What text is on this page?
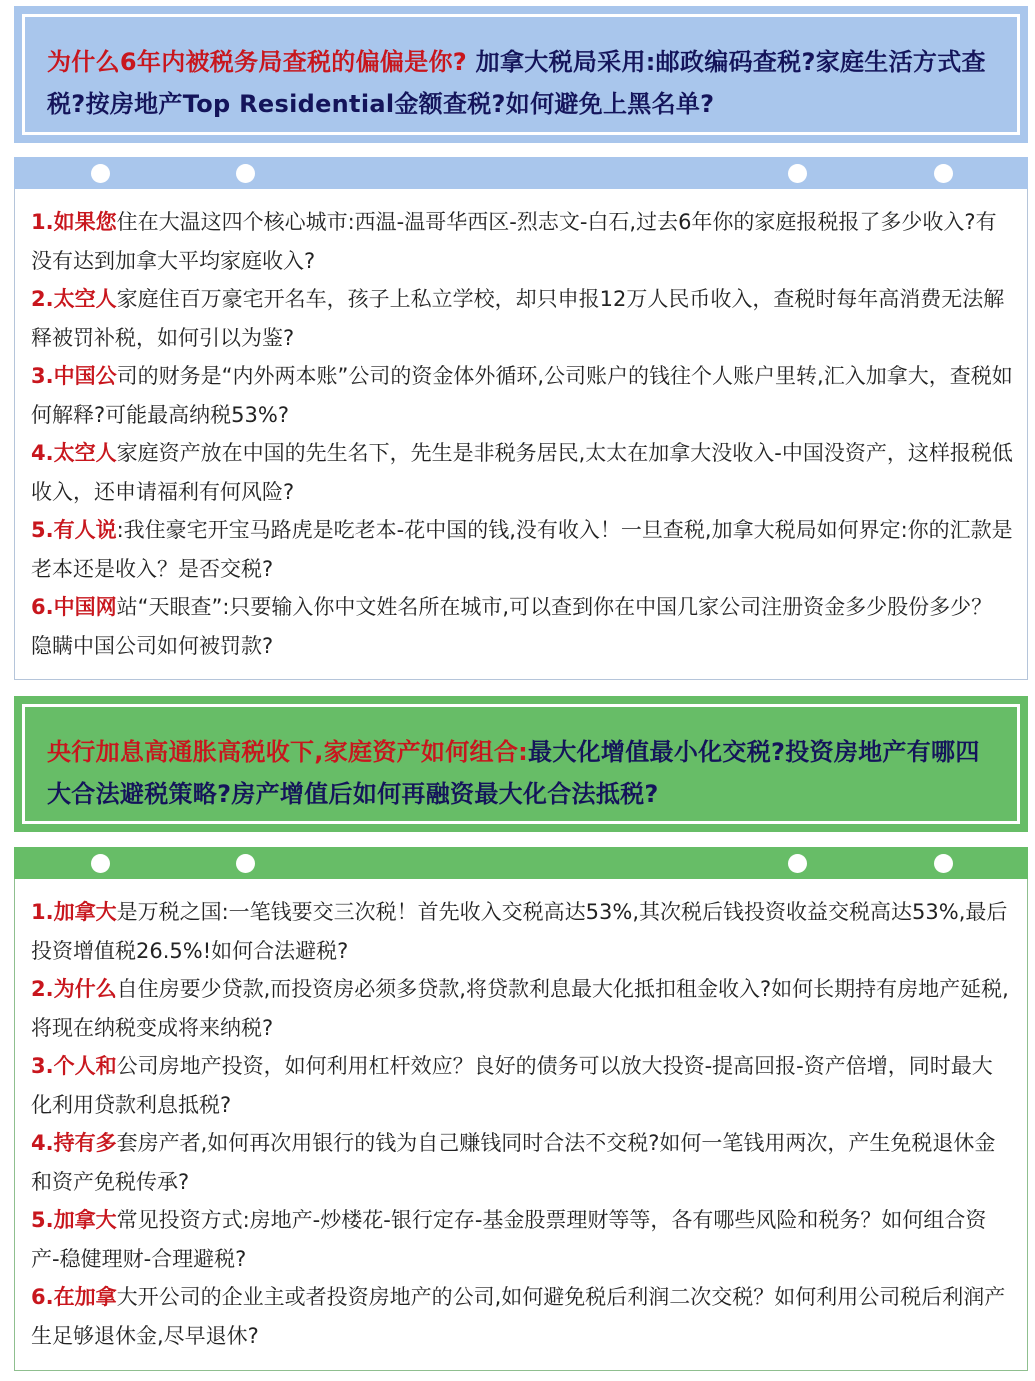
为什么6年内被税务局查税的偏偏是你? 加拿大税局采用:邮政编码查税?家庭生活方式查税?按房地产Top Residential金额查税?如何避免上黑名单?

1.如果您住在大温这四个核心城市:西温-温哥华西区-烈志文-白石,过去6年你的家庭报税报了多少收入?有没有达到加拿大平均家庭收入?

2.太空人家庭住百万豪宅开名车，孩子上私立学校，却只申报12万人民币收入，查税时每年高消费无法解释被罚补税，如何引以为鉴?

3.中国公司的财务是“内外两本账”公司的资金体外循环,公司账户的钱往个人账户里转,汇入加拿大，查税如何解释?可能最高纳税53%?

4.太空人家庭资产放在中国的先生名下，先生是非税务居民,太太在加拿大没收入-中国没资产，这样报税低收入，还申请福利有何风险?

5.有人说:我住豪宅开宝马路虎是吃老本-花中国的钱,没有收入！一旦查税,加拿大税局如何界定:你的汇款是老本还是收入？是否交税?

6.中国网站“天眼查”:只要输入你中文姓名所在城市,可以查到你在中国几家公司注册资金多少股份多少？隐瞒中国公司如何被罚款?

央行加息高通胀高税收下,家庭资产如何组合:最大化增值最小化交税?投资房地产有哪四大合法避税策略?房产增值后如何再融资最大化合法抵税?

1.加拿大是万税之国:一笔钱要交三次税！首先收入交税高达53%,其次税后钱投资收益交税高达53%,最后投资增值税26.5%!如何合法避税?

2.为什么自住房要少贷款,而投资房必须多贷款,将贷款利息最大化抵扣租金收入?如何长期持有房地产延税,将现在纳税变成将来纳税?

3.个人和公司房地产投资，如何利用杠杆效应？良好的债务可以放大投资-提高回报-资产倍增，同时最大化利用贷款利息抵税?

4.持有多套房产者,如何再次用银行的钱为自己赚钱同时合法不交税?如何一笔钱用两次，产生免税退休金和资产免税传承?

5.加拿大常见投资方式:房地产-炒楼花-银行定存-基金股票理财等等，各有哪些风险和税务？如何组合资产-稳健理财-合理避税?

6.在加拿大开公司的企业主或者投资房地产的公司,如何避免税后利润二次交税？如何利用公司税后利润产生足够退休金,尽早退休?
